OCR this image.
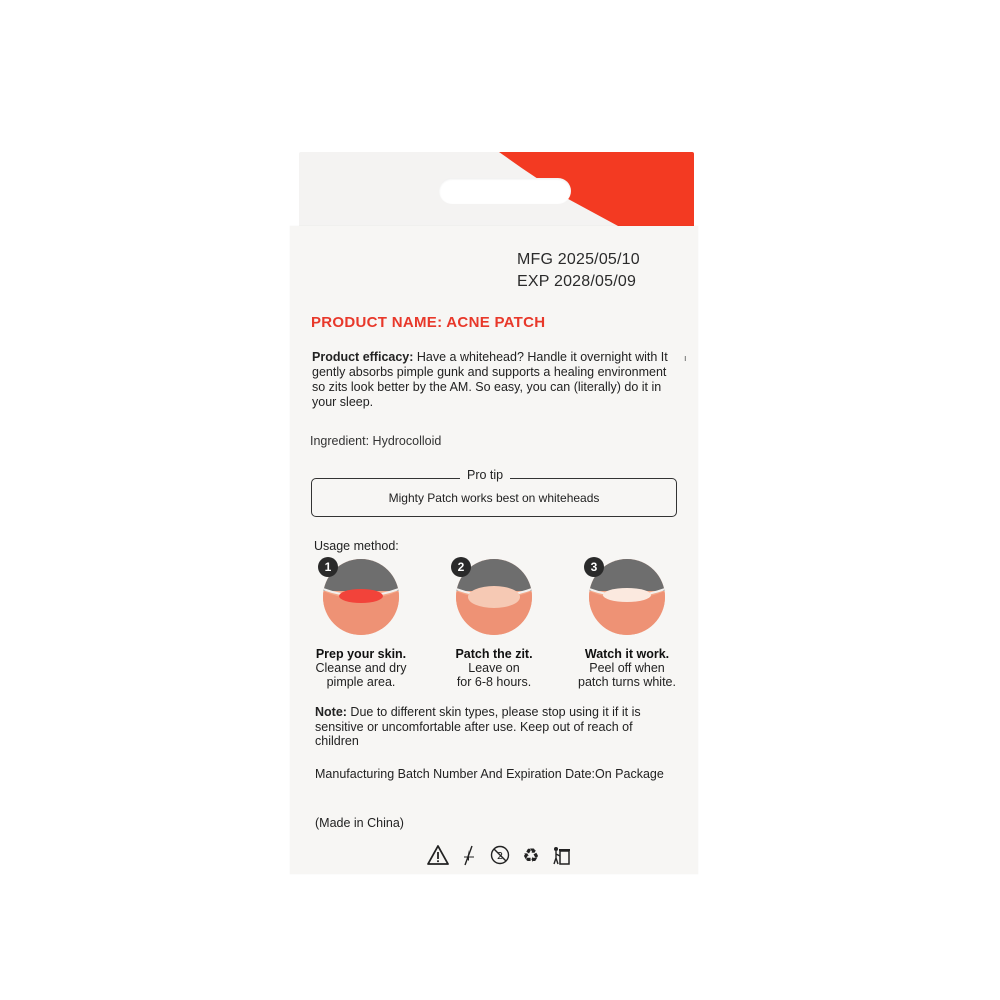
MFG 2025/05/10
EXP 2028/05/09
PRODUCT NAME: ACNE PATCH
Product efficacy: Have a whitehead? Handle it overnight with It gently absorbs pimple gunk and supports a healing environment so zits look better by the AM. So easy, you can (literally) do it in your sleep.
ı
Ingredient: Hydrocolloid
Mighty Patch works best on whiteheads
Pro tip
Usage method:
1
Prep your skin.
Cleanse and dry
pimple area.
2
Patch the zit.
Leave on
for 6-8 hours.
3
Watch it work.
Peel off when
patch turns white.
Note: Due to different skin types, please stop using it if it is sensitive or uncomfortable after use. Keep out of reach of children
Manufacturing Batch Number And Expiration Date:On Package
(Made in China)
2 ♻
